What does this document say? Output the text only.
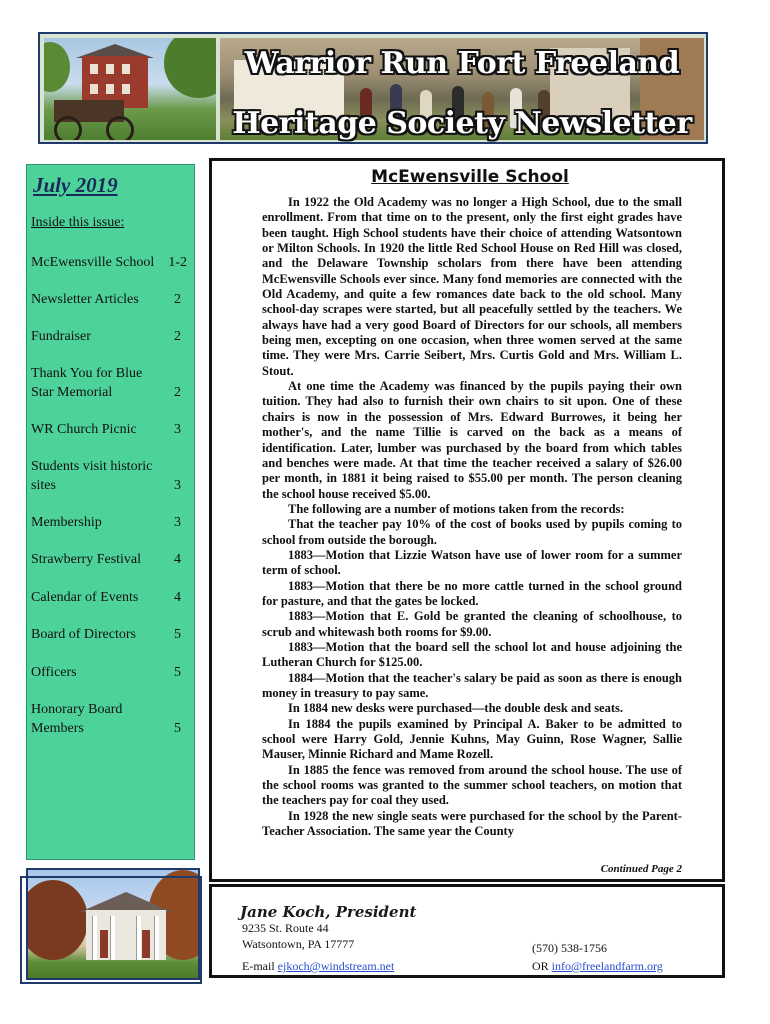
Warrior Run Fort Freeland
Heritage Society Newsletter
July 2019
Inside this issue:
McEwensville School	1-2
Newsletter Articles	2
Fundraiser	2
Thank You for Blue
Star Memorial	2
WR Church Picnic	3
Students visit historic
sites	3
Membership	3
Strawberry Festival	4
Calendar of Events	4
Board of Directors	5
Officers	5
Honorary Board
Members	5
McEwensville School

In 1922 the Old Academy was no longer a High School, due to the small enrollment. From that time on to the present, only the first eight grades have been taught. High School students have their choice of attending Watsontown or Milton Schools. In 1920 the little Red School House on Red Hill was closed, and the Delaware Township scholars from there have been attending McEwensville Schools ever since. Many fond memories are connected with the Old Academy, and quite a few romances date back to the old school. Many school-day scrapes were started, but all peacefully settled by the teachers. We always have had a very good Board of Directors for our schools, all members being men, excepting on one occasion, when three women served at the same time. They were Mrs. Carrie Seibert, Mrs. Curtis Gold and Mrs. William L. Stout.

At one time the Academy was financed by the pupils paying their own tuition. They had also to furnish their own chairs to sit upon. One of these chairs is now in the possession of Mrs. Edward Burrowes, it being her mother's, and the name Tillie is carved on the back as a means of identification. Later, lumber was purchased by the board from which tables and benches were made. At that time the teacher received a salary of $26.00 per month, in 1881 it being raised to $55.00 per month. The person cleaning the school house received $5.00.

The following are a number of motions taken from the records:

That the teacher pay 10% of the cost of books used by pupils coming to school from outside the borough.

1883—Motion that Lizzie Watson have use of lower room for a summer term of school.

1883—Motion that there be no more cattle turned in the school ground for pasture, and that the gates be locked.

1883—Motion that E. Gold be granted the cleaning of schoolhouse, to scrub and whitewash both rooms for $9.00.

1883—Motion that the board sell the school lot and house adjoining the Lutheran Church for $125.00.

1884—Motion that the teacher's salary be paid as soon as there is enough money in treasury to pay same.

In 1884 new desks were purchased—the double desk and seats.

In 1884 the pupils examined by Principal A. Baker to be admitted to school were Harry Gold, Jennie Kuhns, May Guinn, Rose Wagner, Sallie Mauser, Minnie Richard and Mame Rozell.

In 1885 the fence was removed from around the school house. The use of the school rooms was granted to the summer school teachers, on motion that the teachers pay for coal they used.

In 1928 the new single seats were purchased for the school by the Parent-Teacher Association. The same year the County

Continued Page 2
Jane Koch, President
9235 St. Route 44
Watsontown, PA 17777
E-mail ejkoch@windstream.net
(570) 538-1756
OR info@freelandfarm.org
